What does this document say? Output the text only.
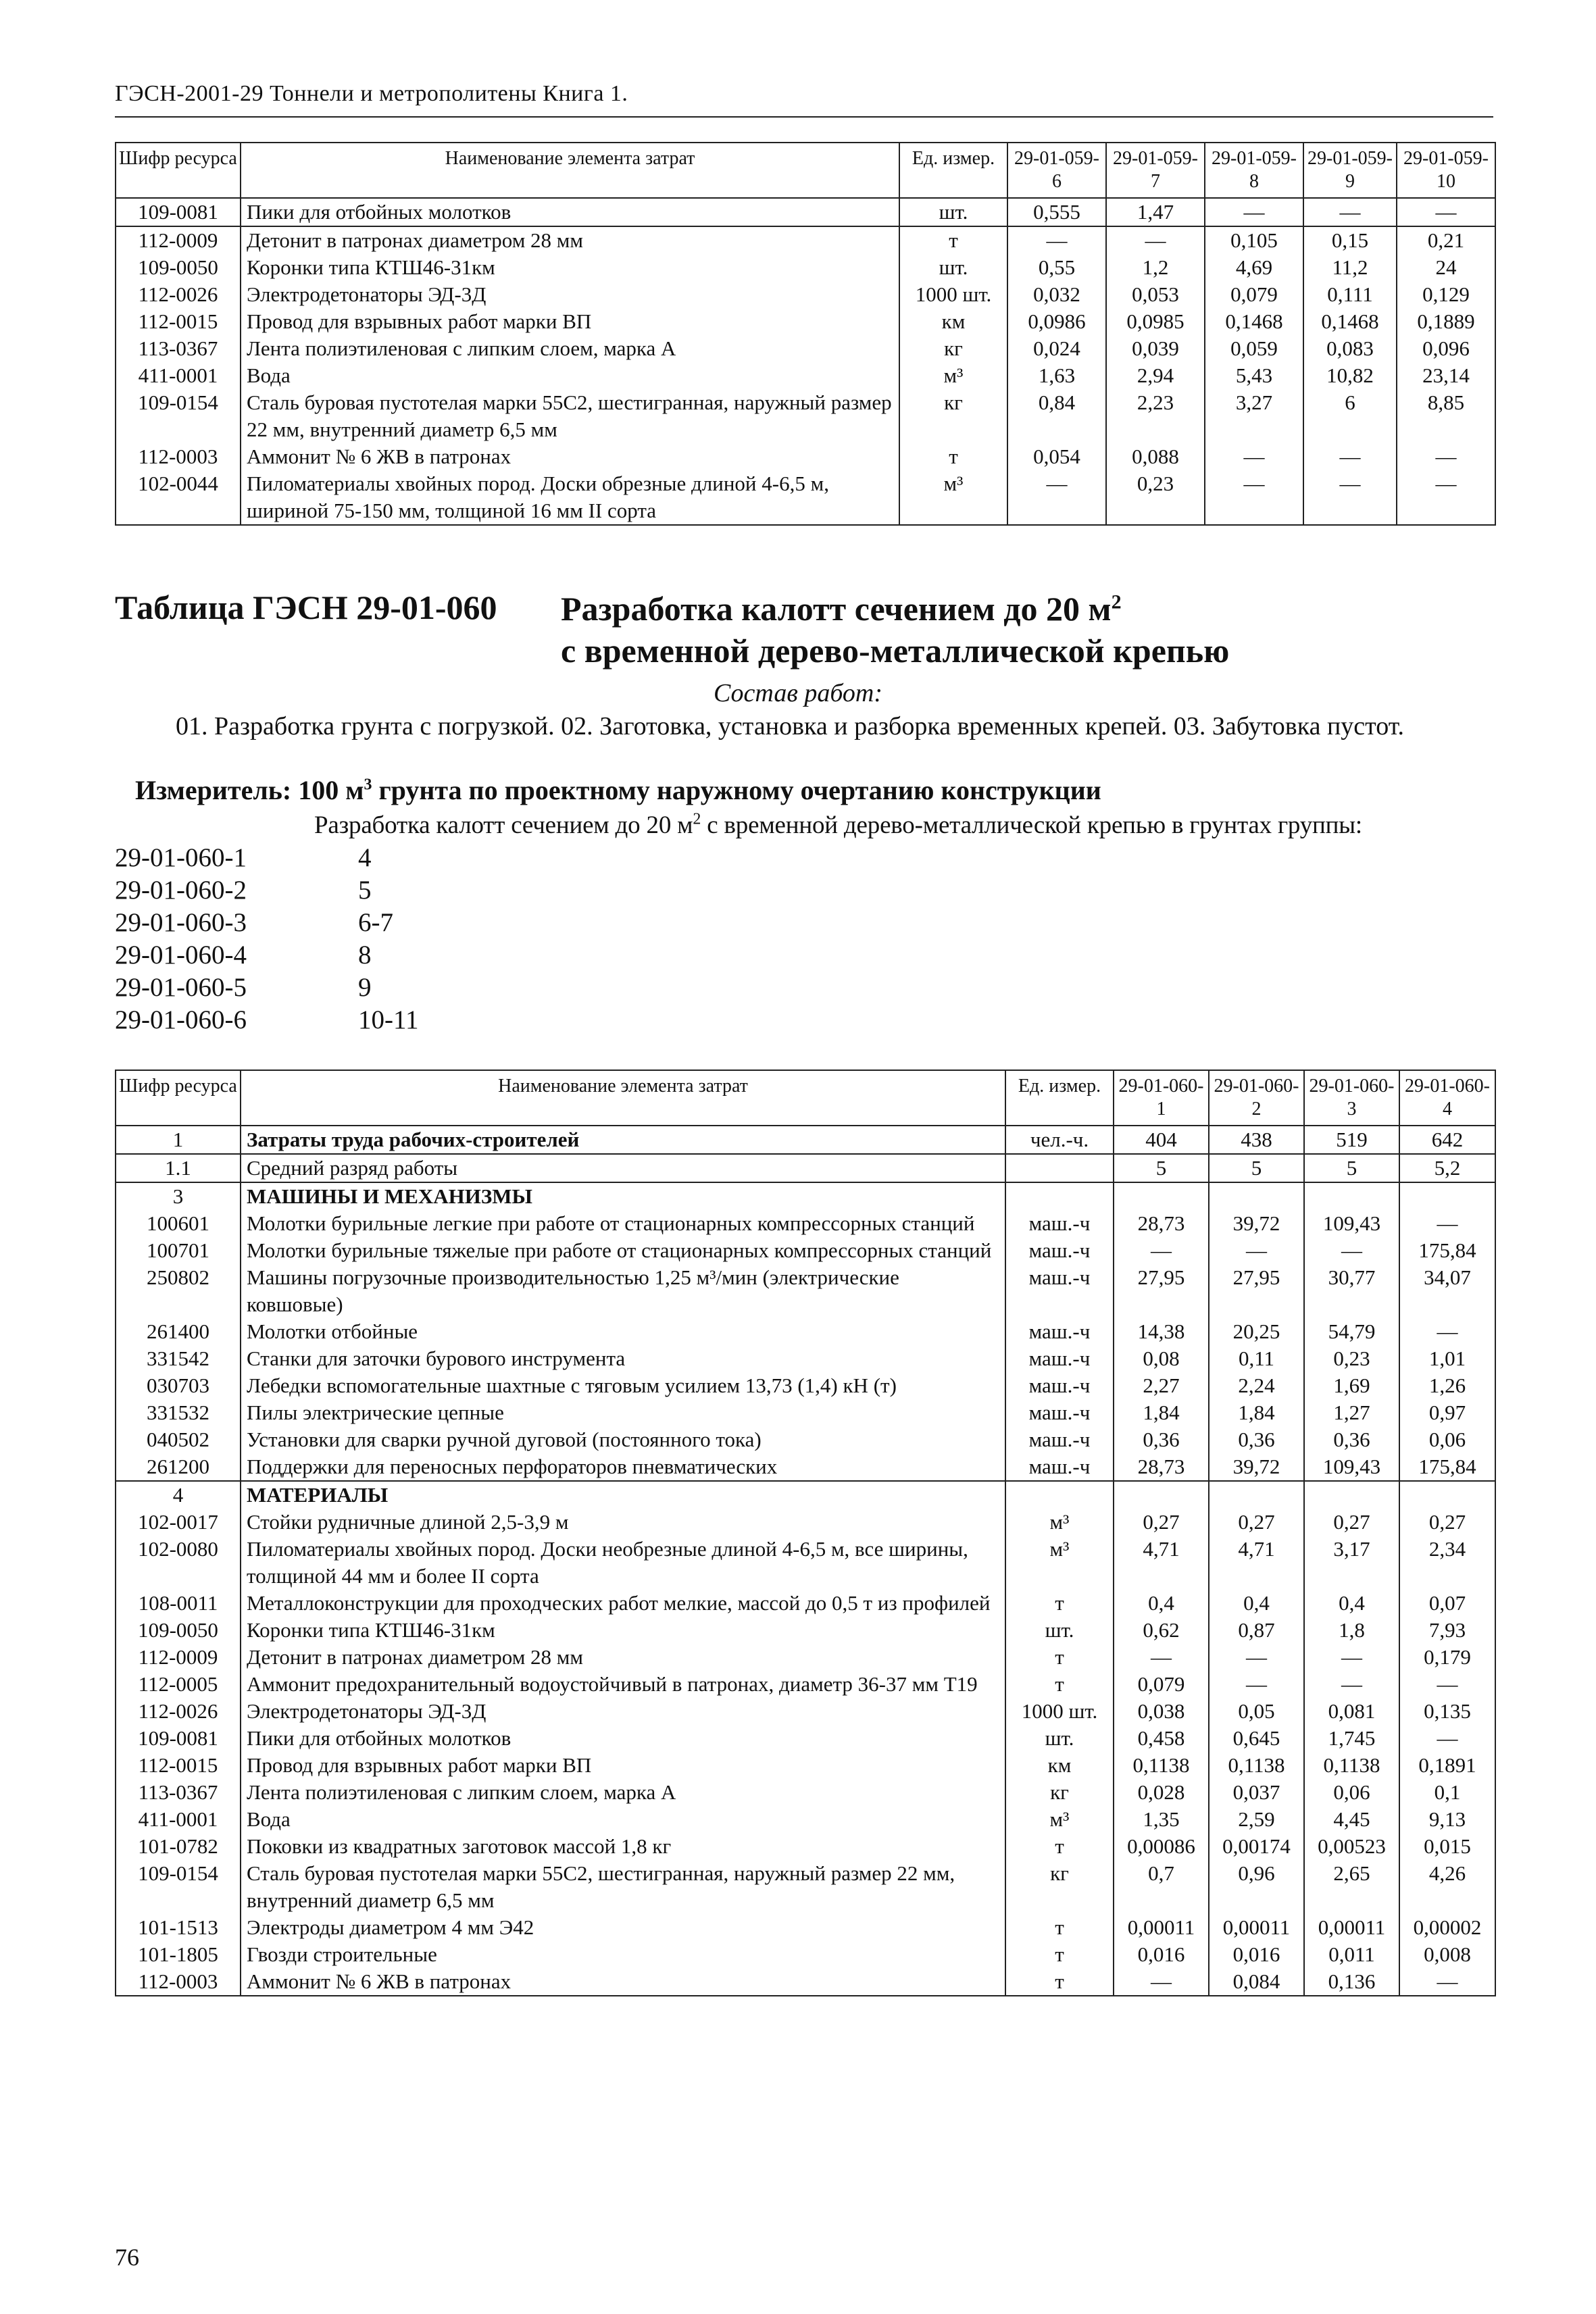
ГЭСН-2001-29 Тоннели и метрополитены Книга 1.
Шифр ресурса	Наименование элемента затрат	Ед. измер.	29-01-059-6	29-01-059-7	29-01-059-8	29-01-059-9	29-01-059-10
109-0081	Пики для отбойных молотков	шт.	0,555	1,47	—	—	—
112-0009	Детонит в патронах диаметром 28 мм	т	—	—	0,105	0,15	0,21
109-0050	Коронки типа КТШ46-31км	шт.	0,55	1,2	4,69	11,2	24
112-0026	Электродетонаторы ЭД-3Д	1000 шт.	0,032	0,053	0,079	0,111	0,129
112-0015	Провод для взрывных работ марки ВП	км	0,0986	0,0985	0,1468	0,1468	0,1889
113-0367	Лента полиэтиленовая с липким слоем, марка А	кг	0,024	0,039	0,059	0,083	0,096
411-0001	Вода	м³	1,63	2,94	5,43	10,82	23,14
109-0154	Сталь буровая пустотелая марки 55С2, шестигранная, наружный размер 22 мм, внутренний диаметр 6,5 мм	кг	0,84	2,23	3,27	6	8,85
112-0003	Аммонит № 6 ЖВ в патронах	т	0,054	0,088	—	—	—
102-0044	Пиломатериалы хвойных пород. Доски обрезные длиной 4-6,5 м, шириной 75-150 мм, толщиной 16 мм II сорта	м³	—	0,23	—	—	—
Таблица ГЭСН 29-01-060 Разработка калотт сечением до 20 $м^2$
с временной дерево-металлической крепью
Состав работ:
01. Разработка грунта с погрузкой. 02. Заготовка, установка и разборка временных крепей. 03. Забутовка пустот.
Измеритель: 100 $м^3$ грунта по проектному наружному очертанию конструкции
Разработка калотт сечением до 20 $м^2$ с временной дерево-металлической крепью в грунтах группы:
29-01-060-1	4
29-01-060-2	5
29-01-060-3	6-7
29-01-060-4	8
29-01-060-5	9
29-01-060-6	10-11
Шифр ресурса	Наименование элемента затрат	Ед. измер.	29-01-060-1	29-01-060-2	29-01-060-3	29-01-060-4
1	Затраты труда рабочих-строителей	чел.-ч.	404	438	519	642
1.1	Средний разряд работы		5	5	5	5,2
3	МАШИНЫ И МЕХАНИЗМЫ					
100601	Молотки бурильные легкие при работе от стационарных компрессорных станций	маш.-ч	28,73	39,72	109,43	—
100701	Молотки бурильные тяжелые при работе от стационарных компрессорных станций	маш.-ч	—	—	—	175,84
250802	Машины погрузочные производительностью 1,25 м³/мин (электрические ковшовые)	маш.-ч	27,95	27,95	30,77	34,07
261400	Молотки отбойные	маш.-ч	14,38	20,25	54,79	—
331542	Станки для заточки бурового инструмента	маш.-ч	0,08	0,11	0,23	1,01
030703	Лебедки вспомогательные шахтные с тяговым усилием 13,73 (1,4) кН (т)	маш.-ч	2,27	2,24	1,69	1,26
331532	Пилы электрические цепные	маш.-ч	1,84	1,84	1,27	0,97
040502	Установки для сварки ручной дуговой (постоянного тока)	маш.-ч	0,36	0,36	0,36	0,06
261200	Поддержки для переносных перфораторов пневматических	маш.-ч	28,73	39,72	109,43	175,84
4	МАТЕРИАЛЫ					
102-0017	Стойки рудничные длиной 2,5-3,9 м	м³	0,27	0,27	0,27	0,27
102-0080	Пиломатериалы хвойных пород. Доски необрезные длиной 4-6,5 м, все ширины, толщиной 44 мм и более II сорта	м³	4,71	4,71	3,17	2,34
108-0011	Металлоконструкции для проходческих работ мелкие, массой до 0,5 т из профилей	т	0,4	0,4	0,4	0,07
109-0050	Коронки типа КТШ46-31км	шт.	0,62	0,87	1,8	7,93
112-0009	Детонит в патронах диаметром 28 мм	т	—	—	—	0,179
112-0005	Аммонит предохранительный водоустойчивый в патронах, диаметр 36-37 мм Т19	т	0,079	—	—	—
112-0026	Электродетонаторы ЭД-3Д	1000 шт.	0,038	0,05	0,081	0,135
109-0081	Пики для отбойных молотков	шт.	0,458	0,645	1,745	—
112-0015	Провод для взрывных работ марки ВП	км	0,1138	0,1138	0,1138	0,1891
113-0367	Лента полиэтиленовая с липким слоем, марка А	кг	0,028	0,037	0,06	0,1
411-0001	Вода	м³	1,35	2,59	4,45	9,13
101-0782	Поковки из квадратных заготовок массой 1,8 кг	т	0,00086	0,00174	0,00523	0,015
109-0154	Сталь буровая пустотелая марки 55С2, шестигранная, наружный размер 22 мм, внутренний диаметр 6,5 мм	кг	0,7	0,96	2,65	4,26
101-1513	Электроды диаметром 4 мм Э42	т	0,00011	0,00011	0,00011	0,00002
101-1805	Гвозди строительные	т	0,016	0,016	0,011	0,008
112-0003	Аммонит № 6 ЖВ в патронах	т	—	0,084	0,136	—
76
